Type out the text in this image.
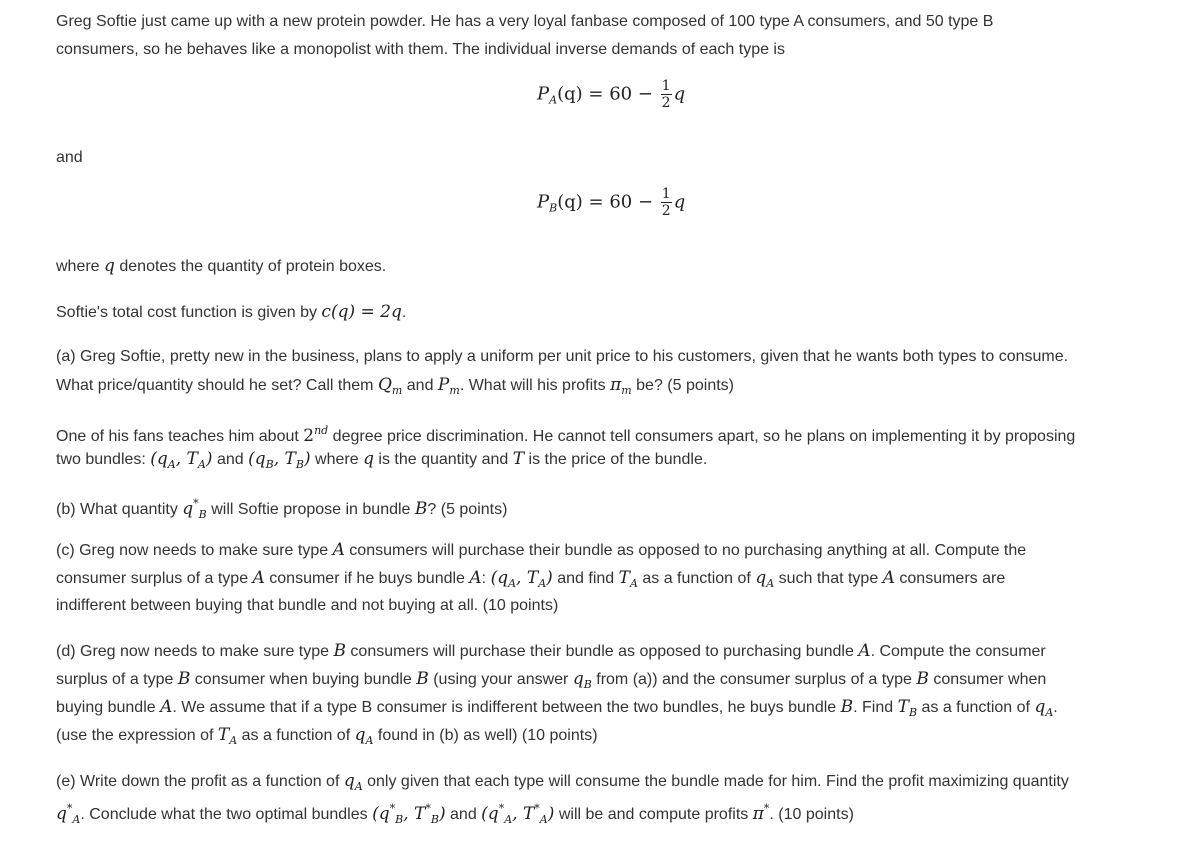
Greg Softie just came up with a new protein powder. He has a very loyal fanbase composed of 100 type A consumers, and 50 type B
consumers, so he behaves like a monopolist with them. The individual inverse demands of each type is
$P_A(q) = 60 - \frac{1}{2}$ q
and
$P_B(q) = 60 - \frac{1}{2}$ q
where q denotes the quantity of protein boxes.
Softie's total cost function is given by c(q) = 2q.
(a) Greg Softie, pretty new in the business, plans to apply a uniform per unit price to his customers, given that he wants both types to consume.
What price/quantity should he set? Call them $Q_m$ and $P_m$. What will his profits $\pi_m$ be? (5 points)
One of his fans teaches him about 2nd degree price discrimination. He cannot tell consumers apart, so he plans on implementing it by proposing
two bundles: ($q_A$, $T_A$) and ($q_B$, $T_B$) where q is the quantity and T is the price of the bundle.
(b) What quantity $q^*_B$ will Softie propose in bundle B? (5 points)
(c) Greg now needs to make sure type A consumers will purchase their bundle as opposed to no purchasing anything at all. Compute the
consumer surplus of a type A consumer if he buys bundle A: ($q_A$, $T_A$) and find $T_A$ as a function of $q_A$ such that type A consumers are
indifferent between buying that bundle and not buying at all. (10 points)
(d) Greg now needs to make sure type B consumers will purchase their bundle as opposed to purchasing bundle A. Compute the consumer
surplus of a type B consumer when buying bundle B (using your answer $q_B$ from (a)) and the consumer surplus of a type B consumer when
buying bundle A. We assume that if a type B consumer is indifferent between the two bundles, he buys bundle B. Find $T_B$ as a function of $q_A$.
(use the expression of $T_A$ as a function of $q_A$ found in (b) as well) (10 points)
(e) Write down the profit as a function of $q_A$ only given that each type will consume the bundle made for him. Find the profit maximizing quantity
$q^*_A$. Conclude what the two optimal bundles ($q^*_B$, $T^*_B$) and ($q^*_A$, $T^*_A$) will be and compute profits π*. (10 points)
